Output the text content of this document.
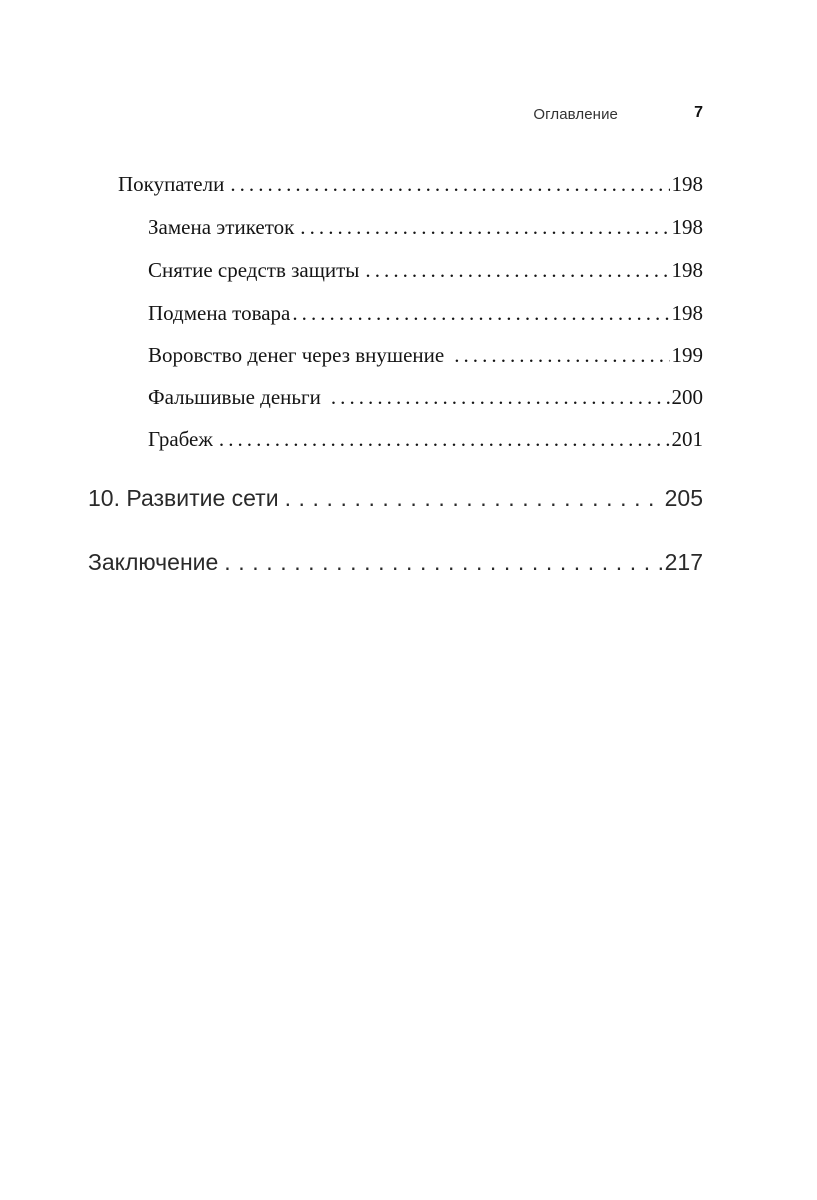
Оглавление	7
Покупатели . . .	198
Замена этикеток . . .	198
Снятие средств защиты . . .	198
Подмена товара . . .	198
Воровство денег через внушение . . .	199
Фальшивые деньги . . .	200
Грабеж . . .	201
10. Развитие сети . . .	205
Заключение . . .	217
